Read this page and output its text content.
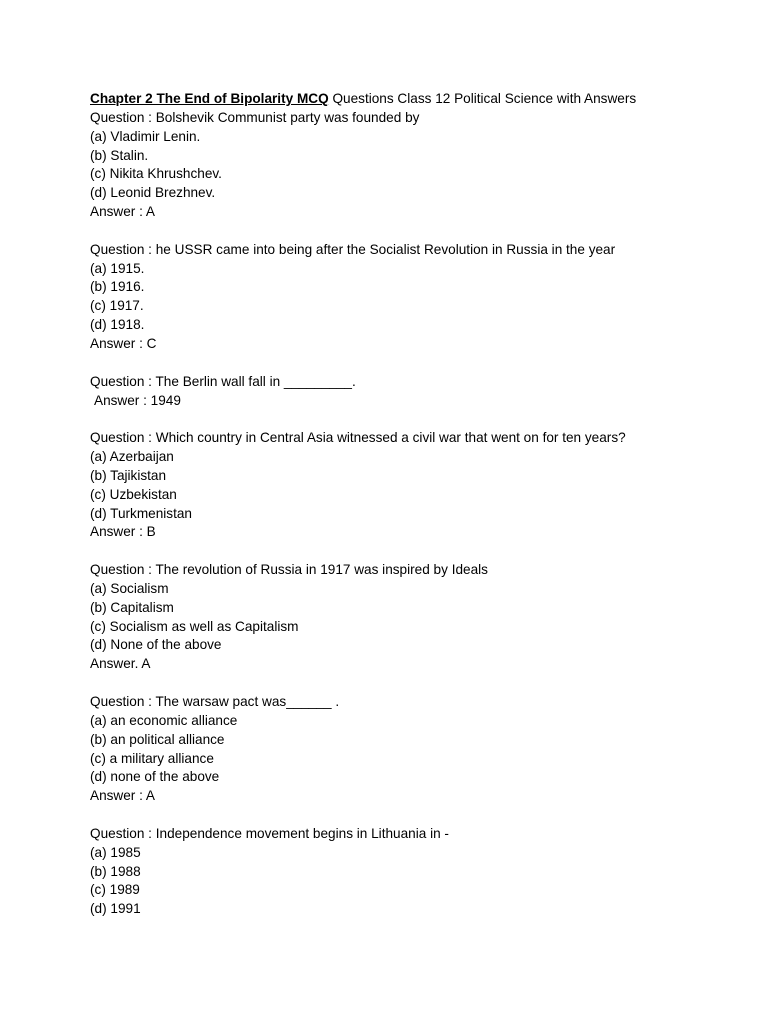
Chapter 2 The End of Bipolarity MCQ Questions Class 12 Political Science with Answers

Question : Bolshevik Communist party was founded by

(a) Vladimir Lenin.

(b) Stalin.

(c) Nikita Khrushchev.

(d) Leonid Brezhnev.

Answer : A

Question : he USSR came into being after the Socialist Revolution in Russia in the year

(a) 1915.

(b) 1916.

(c) 1917.

(d) 1918.

Answer : C

Question : The Berlin wall fall in _________.

Answer : 1949

Question : Which country in Central Asia witnessed a civil war that went on for ten years?

(a) Azerbaijan

(b) Tajikistan

(c) Uzbekistan

(d) Turkmenistan

Answer : B

Question : The revolution of Russia in 1917 was inspired by Ideals

(a) Socialism

(b) Capitalism

(c) Socialism as well as Capitalism

(d) None of the above

Answer. A

Question : The warsaw pact was______ .

(a) an economic alliance

(b) an political alliance

(c) a military alliance

(d) none of the above

Answer : A

Question : Independence movement begins in Lithuania in -

(a) 1985

(b) 1988

(c) 1989

(d) 1991
